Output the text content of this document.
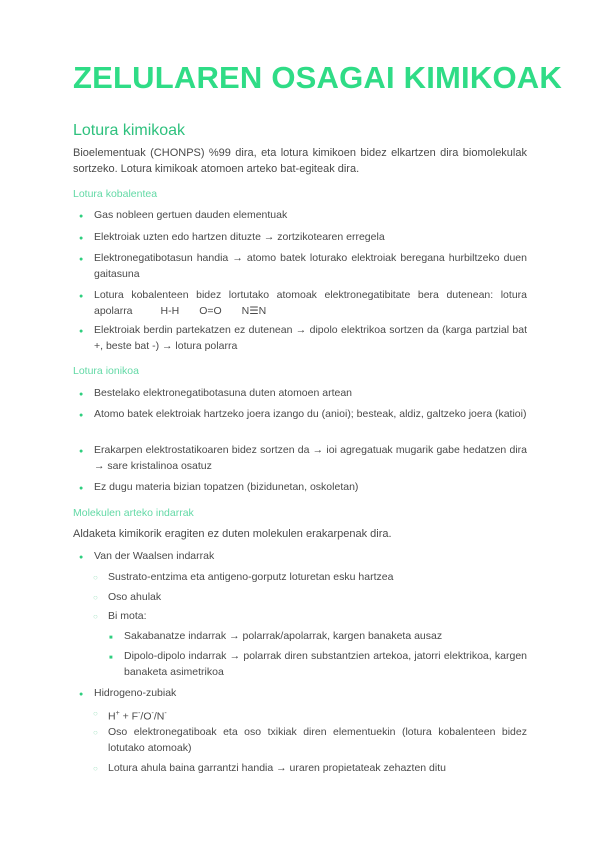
ZELULAREN OSAGAI KIMIKOAK
Lotura kimikoak

Bioelementuak (CHONPS) %99 dira, eta lotura kimikoen bidez elkartzen dira biomolekulak sortzeko. Lotura kimikoak atomoen arteko bat-egiteak dira.

Lotura kobalentea
●

Gas nobleen gertuen dauden elementuak

●

Elektroiak uzten edo hartzen dituzte → zortzikotearen erregela

●

Elektronegatibotasun handia → atomo batek loturako elektroiak beregana hurbiltzeko duen gaitasuna

●

Lotura kobalenteen bidez lortutako atomoak elektronegatibitate bera dutenean: lotura apolarra	H-H O=O N☰N

●

Elektroiak berdin partekatzen ez dutenean → dipolo elektrikoa sortzen da (karga partzial bat +, beste bat -) → lotura polarra

Lotura ionikoa
●

Bestelako elektronegatibotasuna duten atomoen artean

●

Atomo batek elektroiak hartzeko joera izango du (anioi); besteak, aldiz, galtzeko joera (katioi)

●

Erakarpen elektrostatikoaren bidez sortzen da → ioi agregatuak mugarik gabe hedatzen dira → sare kristalinoa osatuz

●

Ez dugu materia bizian topatzen (bizidunetan, oskoletan)

Molekulen arteko indarrak

Aldaketa kimikorik eragiten ez duten molekulen erakarpenak dira.

●

Van der Waalsen indarrak

○

Sustrato-entzima eta antigeno-gorputz loturetan esku hartzea

○

Oso ahulak

○

Bi mota:

■

Sakabanatze indarrak → polarrak/apolarrak, kargen banaketa ausaz

■

Dipolo-dipolo indarrak → polarrak diren substantzien artekoa, jatorri elektrikoa, kargen banaketa asimetrikoa

●

Hidrogeno-zubiak

○

H+ + F-/O-/N-

○

Oso elektronegatiboak eta oso txikiak diren elementuekin (lotura kobalenteen bidez lotutako atomoak)

○

Lotura ahula baina garrantzi handia → uraren propietateak zehazten ditu
